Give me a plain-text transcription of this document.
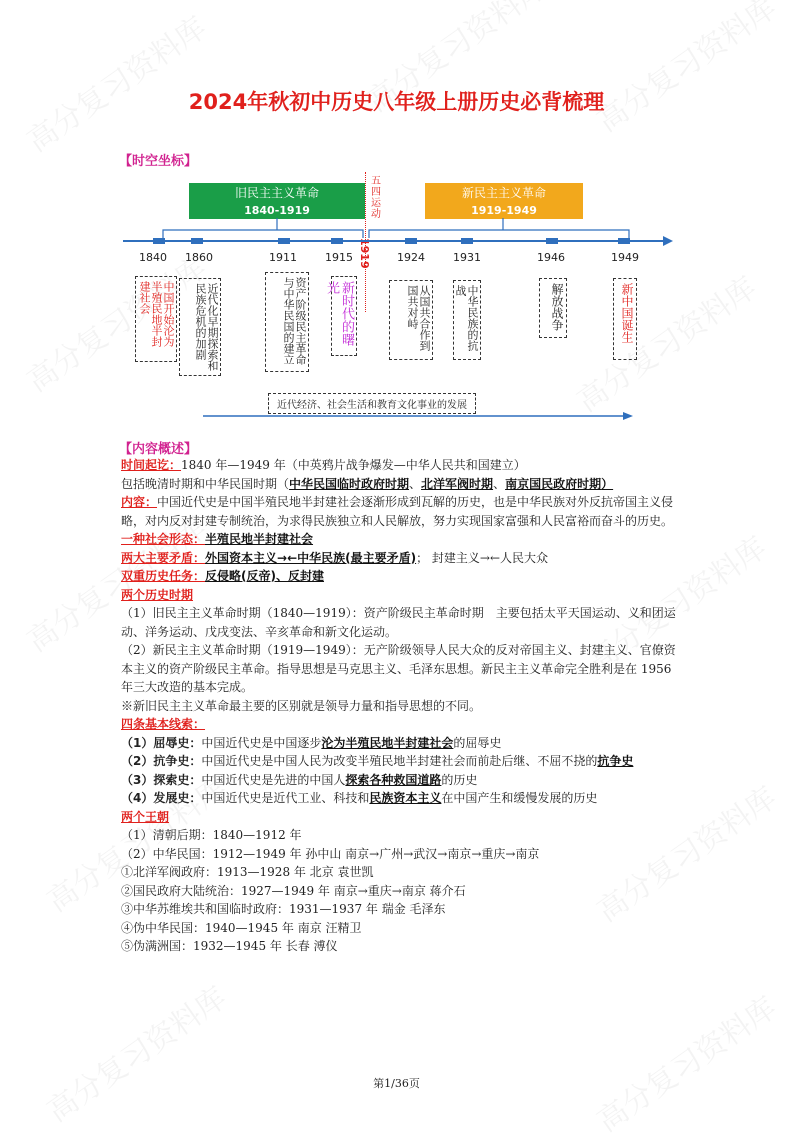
2024年秋初中历史八年级上册历史必背梳理
【时空坐标】
旧民主主义革命
1840-1919
新民主主义革命
1919-1949
五四运动
1919
1840 1860	1911	1915	1924	1931	1946	1949
中国开始沦为半殖民地半封建社会	近代化早期探索和民族危机的加剧	资产阶级民主革命与中华民国的建立	新时代的曙光	从国共合作到国共对峙	中华民族的抗战	解放战争	新中国诞生
近代经济、社会生活和教育文化事业的发展
【内容概述】

时间起讫：1840 年—1949 年（中英鸦片战争爆发—中华人民共和国建立）

包括晚清时期和中华民国时期（中华民国临时政府时期、北洋军阀时期、南京国民政府时期）

内容：中国近代史是中国半殖民地半封建社会逐渐形成到瓦解的历史，也是中华民族对外反抗帝国主义侵略，对内反对封建专制统治，为求得民族独立和人民解放，努力实现国家富强和人民富裕而奋斗的历史。

一种社会形态：半殖民地半封建社会

两大主要矛盾：外国资本主义→←中华民族(最主要矛盾)； 封建主义→←人民大众

双重历史任务：反侵略(反帝)、反封建

两个历史时期

（1）旧民主主义革命时期（1840—1919）：资产阶级民主革命时期　主要包括太平天国运动、义和团运动、洋务运动、戊戌变法、辛亥革命和新文化运动。

（2）新民主主义革命时期（1919—1949）：无产阶级领导人民大众的反对帝国主义、封建主义、官僚资本主义的资产阶级民主革命。指导思想是马克思主义、毛泽东思想。新民主主义革命完全胜利是在 1956 年三大改造的基本完成。

※新旧民主主义革命最主要的区别就是领导力量和指导思想的不同。

四条基本线索：

（1）屈辱史：中国近代史是中国逐步沦为半殖民地半封建社会的屈辱史

（2）抗争史：中国近代史是中国人民为改变半殖民地半封建社会而前赴后继、不屈不挠的抗争史

（3）探索史：中国近代史是先进的中国人探索各种救国道路的历史

（4）发展史：中国近代史是近代工业、科技和民族资本主义在中国产生和缓慢发展的历史

两个王朝

（1）清朝后期：1840—1912 年

（2）中华民国：1912—1949 年 孙中山 南京→广州→武汉→南京→重庆→南京

①北洋军阀政府：1913—1928 年 北京 袁世凯

②国民政府大陆统治：1927—1949 年 南京→重庆→南京 蒋介石

③中华苏维埃共和国临时政府：1931—1937 年 瑞金 毛泽东

④伪中华民国：1940—1945 年 南京 汪精卫

⑤伪满洲国：1932—1945 年 长春 溥仪

第1/36页
